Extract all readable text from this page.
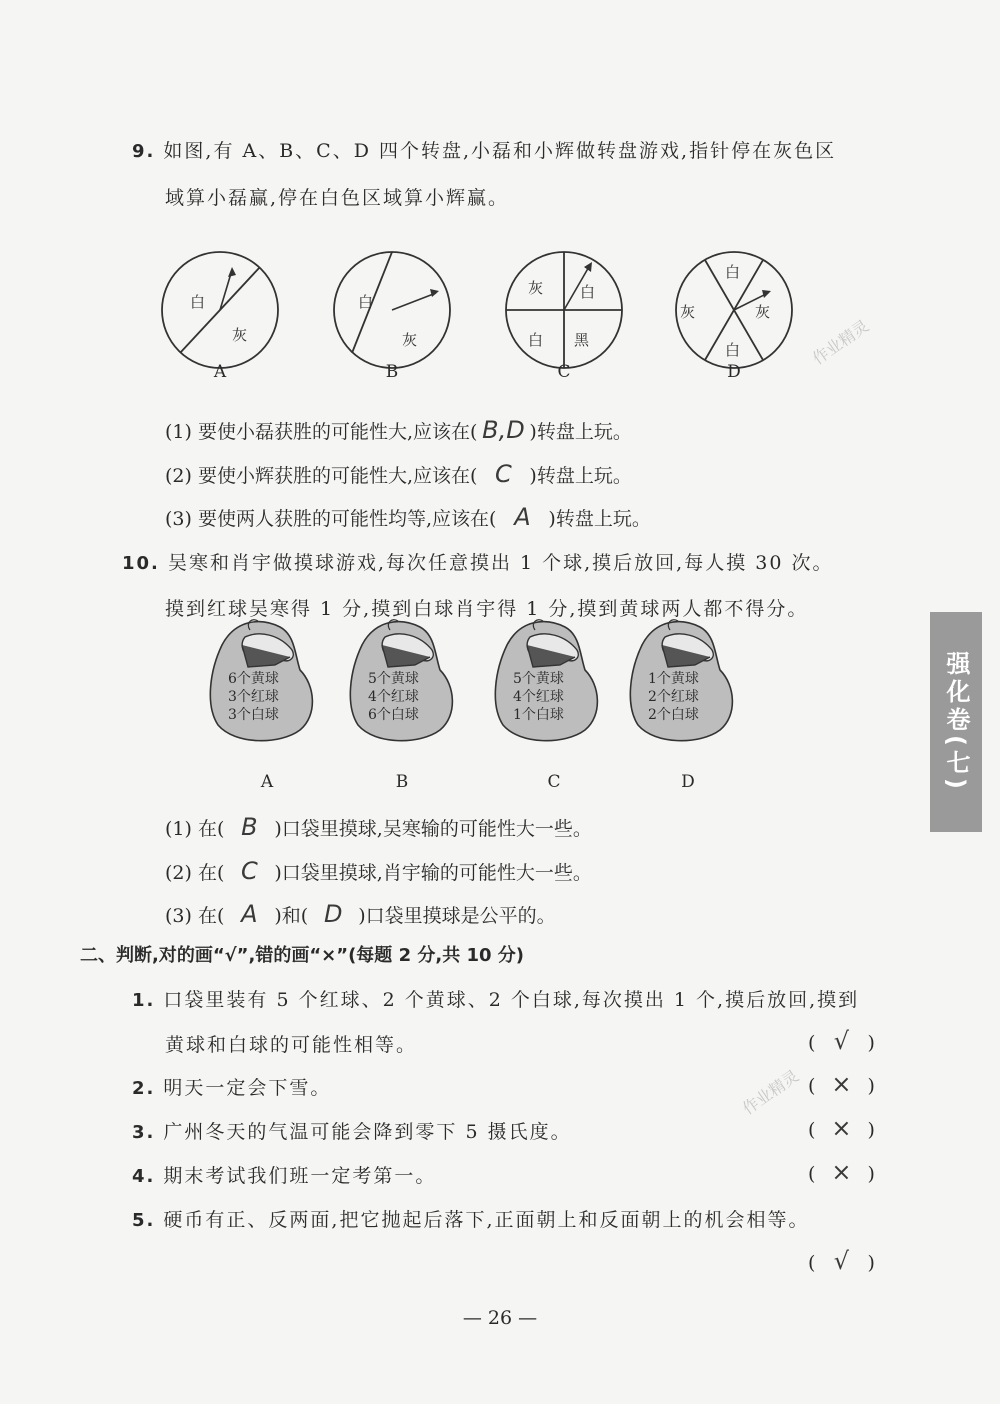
9. 如图,有 A、B、C、D 四个转盘,小磊和小辉做转盘游戏,指针停在灰色区
域算小磊赢,停在白色区域算小辉赢。
白
灰
白
灰
灰 白
白 黑
白
灰	灰
白
A	B	C	D
(1) 要使小磊获胜的可能性大,应该在( B,D )转盘上玩。
(2) 要使小辉获胜的可能性大,应该在( C )转盘上玩。
(3) 要使两人获胜的可能性均等,应该在( A )转盘上玩。
10. 吴寒和肖宇做摸球游戏,每次任意摸出 1 个球,摸后放回,每人摸 30 次。
摸到红球吴寒得 1 分,摸到白球肖宇得 1 分,摸到黄球两人都不得分。
6个黄球
3个红球
3个白球
5个黄球
4个红球
6个白球
5个黄球
4个红球
1个白球
1个黄球
2个红球
2个白球
A	B	C	D
(1) 在( B )口袋里摸球,吴寒输的可能性大一些。
(2) 在( C )口袋里摸球,肖宇输的可能性大一些。
(3) 在( A )和( D )口袋里摸球是公平的。
二、判断,对的画“√”,错的画“×”(每题 2 分,共 10 分)
1. 口袋里装有 5 个红球、2 个黄球、2 个白球,每次摸出 1 个,摸后放回,摸到
黄球和白球的可能性相等。	( √ )
2. 明天一定会下雪。	( × )
3. 广州冬天的气温可能会降到零下 5 摄氏度。	( × )
4. 期末考试我们班一定考第一。	( × )
5. 硬币有正、反两面,把它抛起后落下,正面朝上和反面朝上的机会相等。
( √ )
强化卷(七)
作业精灵
作业精灵
— 26 —
